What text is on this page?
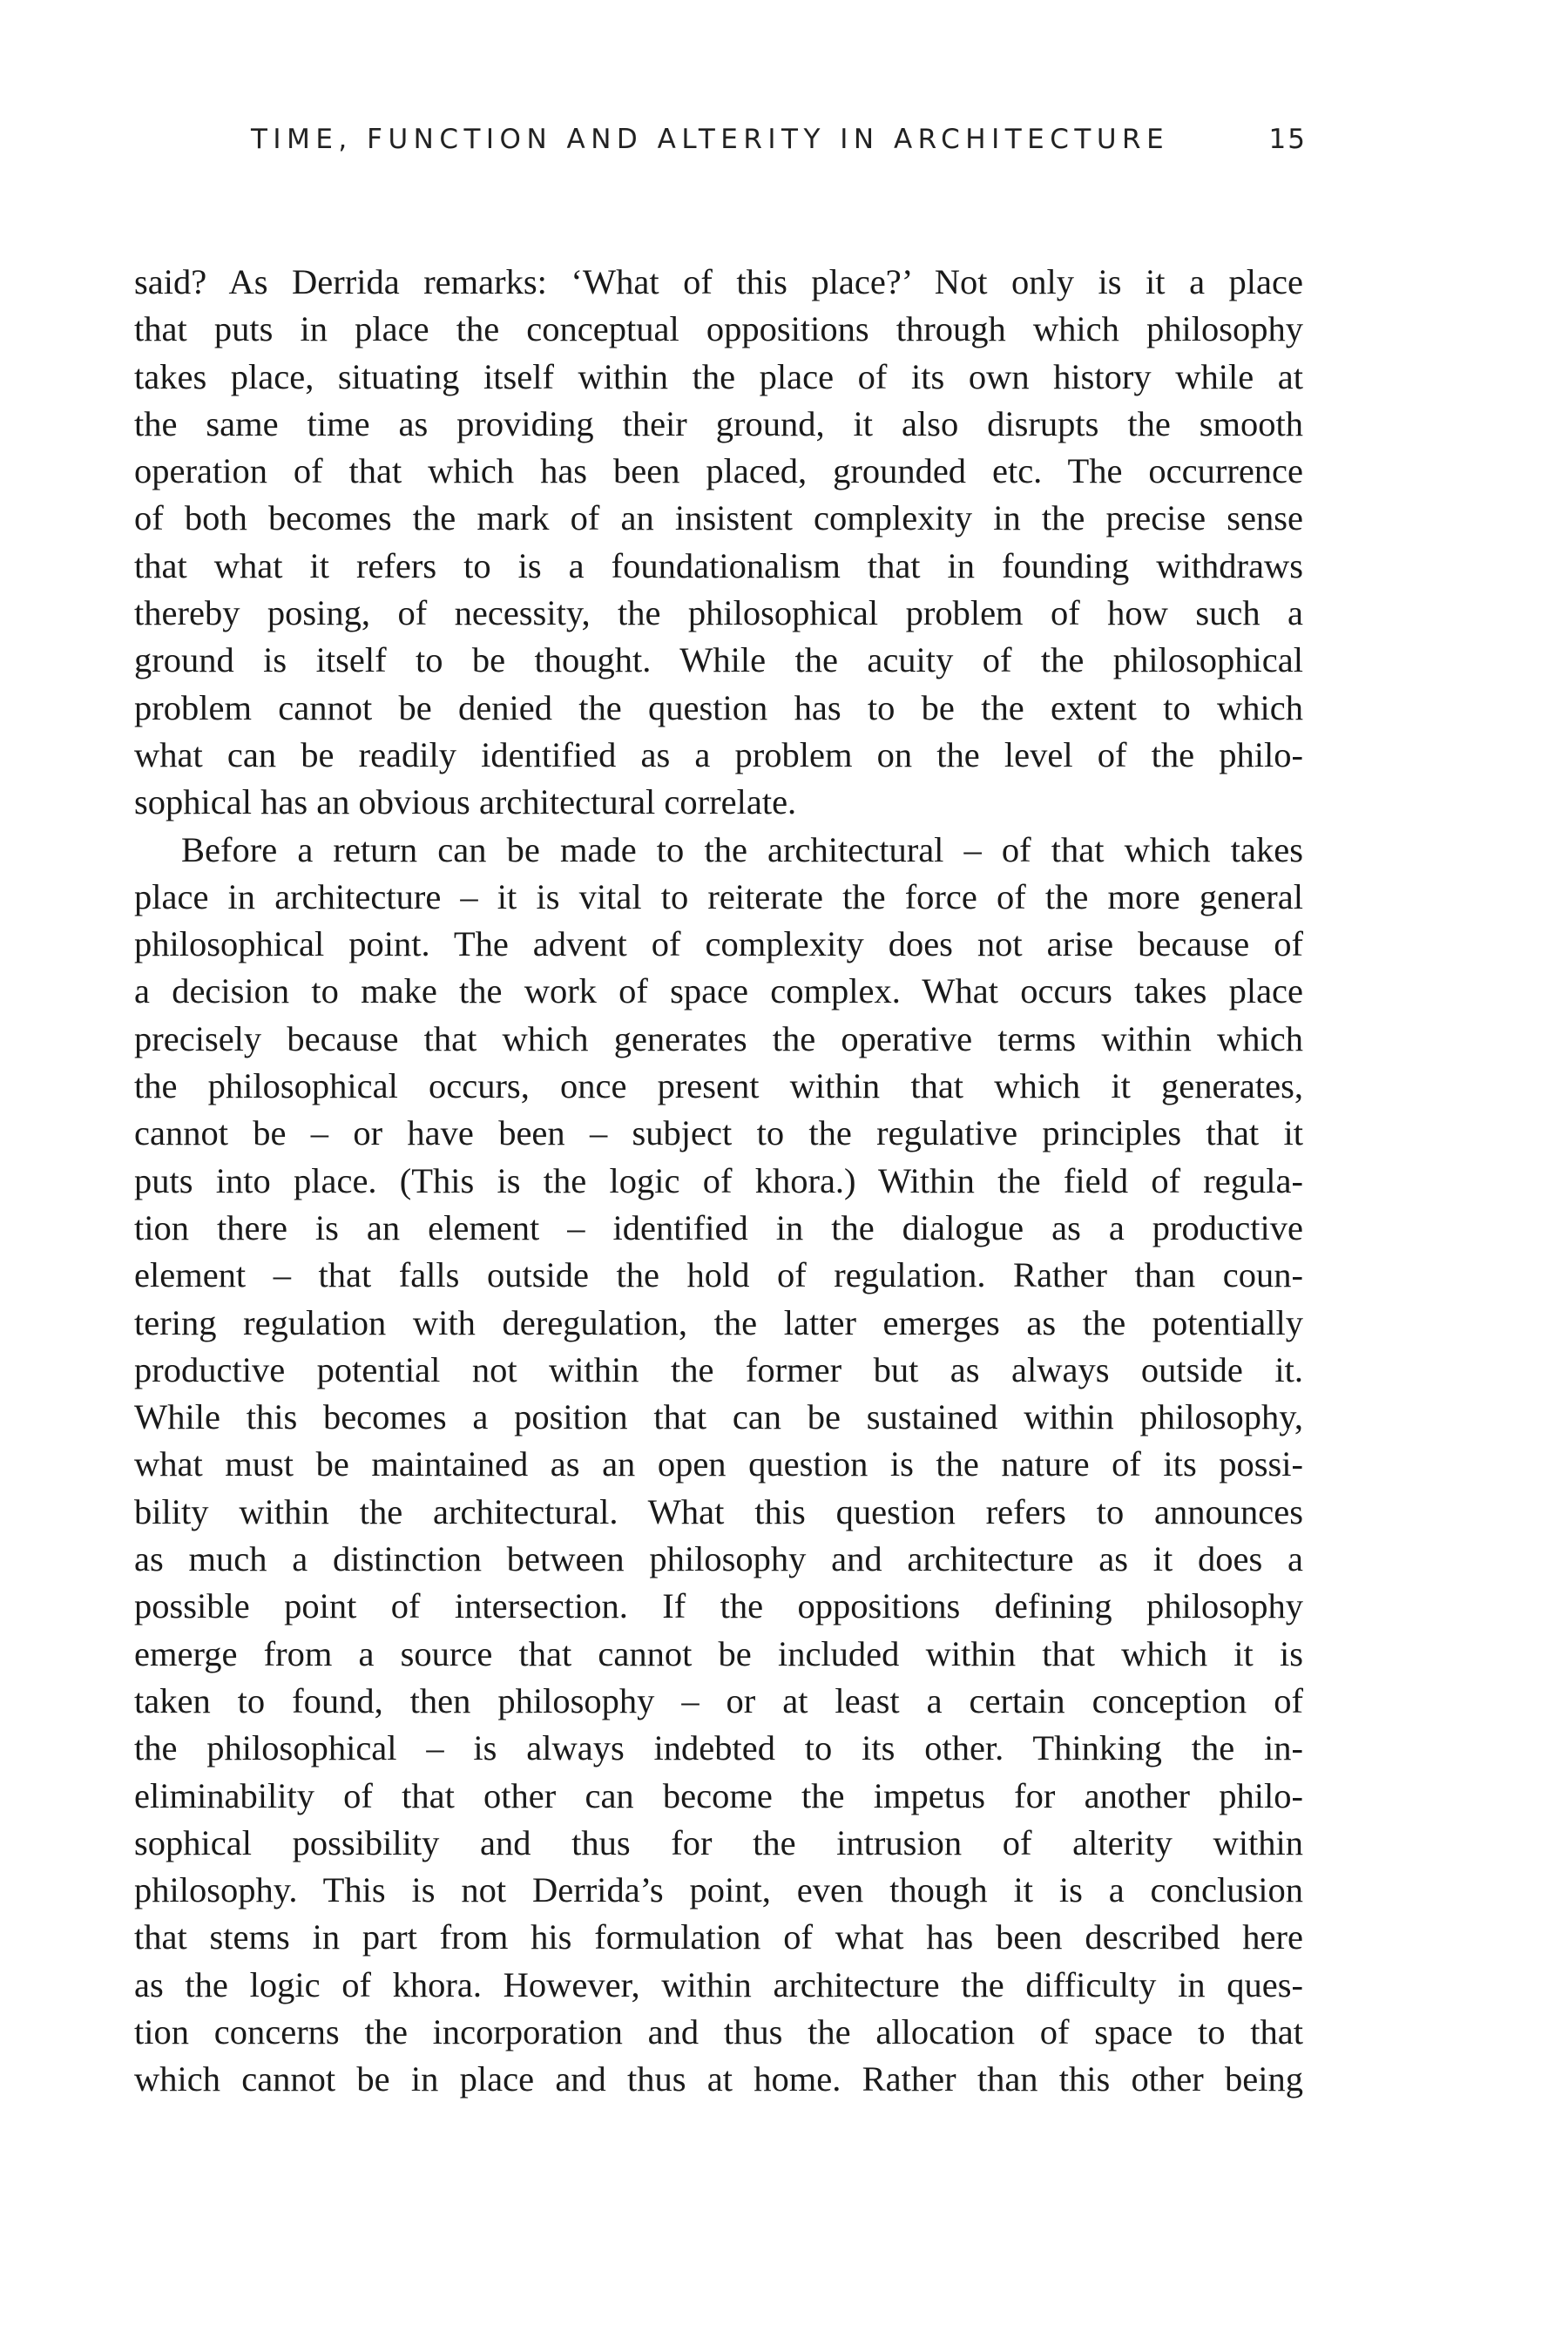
TIME, FUNCTION AND ALTERITY IN ARCHITECTURE	15
said? As Derrida remarks: ‘What of this place?’ Not only is it a place
that puts in place the conceptual oppositions through which philosophy
takes place, situating itself within the place of its own history while at
the same time as providing their ground, it also disrupts the smooth
operation of that which has been placed, grounded etc. The occurrence
of both becomes the mark of an insistent complexity in the precise sense
that what it refers to is a foundationalism that in founding withdraws
thereby posing, of necessity, the philosophical problem of how such a
ground is itself to be thought. While the acuity of the philosophical
problem cannot be denied the question has to be the extent to which
what can be readily identified as a problem on the level of the philo-
sophical has an obvious architectural correlate.
Before a return can be made to the architectural – of that which takes
place in architecture – it is vital to reiterate the force of the more general
philosophical point. The advent of complexity does not arise because of
a decision to make the work of space complex. What occurs takes place
precisely because that which generates the operative terms within which
the philosophical occurs, once present within that which it generates,
cannot be – or have been – subject to the regulative principles that it
puts into place. (This is the logic of khora.) Within the field of regula-
tion there is an element – identified in the dialogue as a productive
element – that falls outside the hold of regulation. Rather than coun-
tering regulation with deregulation, the latter emerges as the potentially
productive potential not within the former but as always outside it.
While this becomes a position that can be sustained within philosophy,
what must be maintained as an open question is the nature of its possi-
bility within the architectural. What this question refers to announces
as much a distinction between philosophy and architecture as it does a
possible point of intersection. If the oppositions defining philosophy
emerge from a source that cannot be included within that which it is
taken to found, then philosophy – or at least a certain conception of
the philosophical – is always indebted to its other. Thinking the in-
eliminability of that other can become the impetus for another philo-
sophical possibility and thus for the intrusion of alterity within
philosophy. This is not Derrida’s point, even though it is a conclusion
that stems in part from his formulation of what has been described here
as the logic of khora. However, within architecture the difficulty in ques-
tion concerns the incorporation and thus the allocation of space to that
which cannot be in place and thus at home. Rather than this other being
